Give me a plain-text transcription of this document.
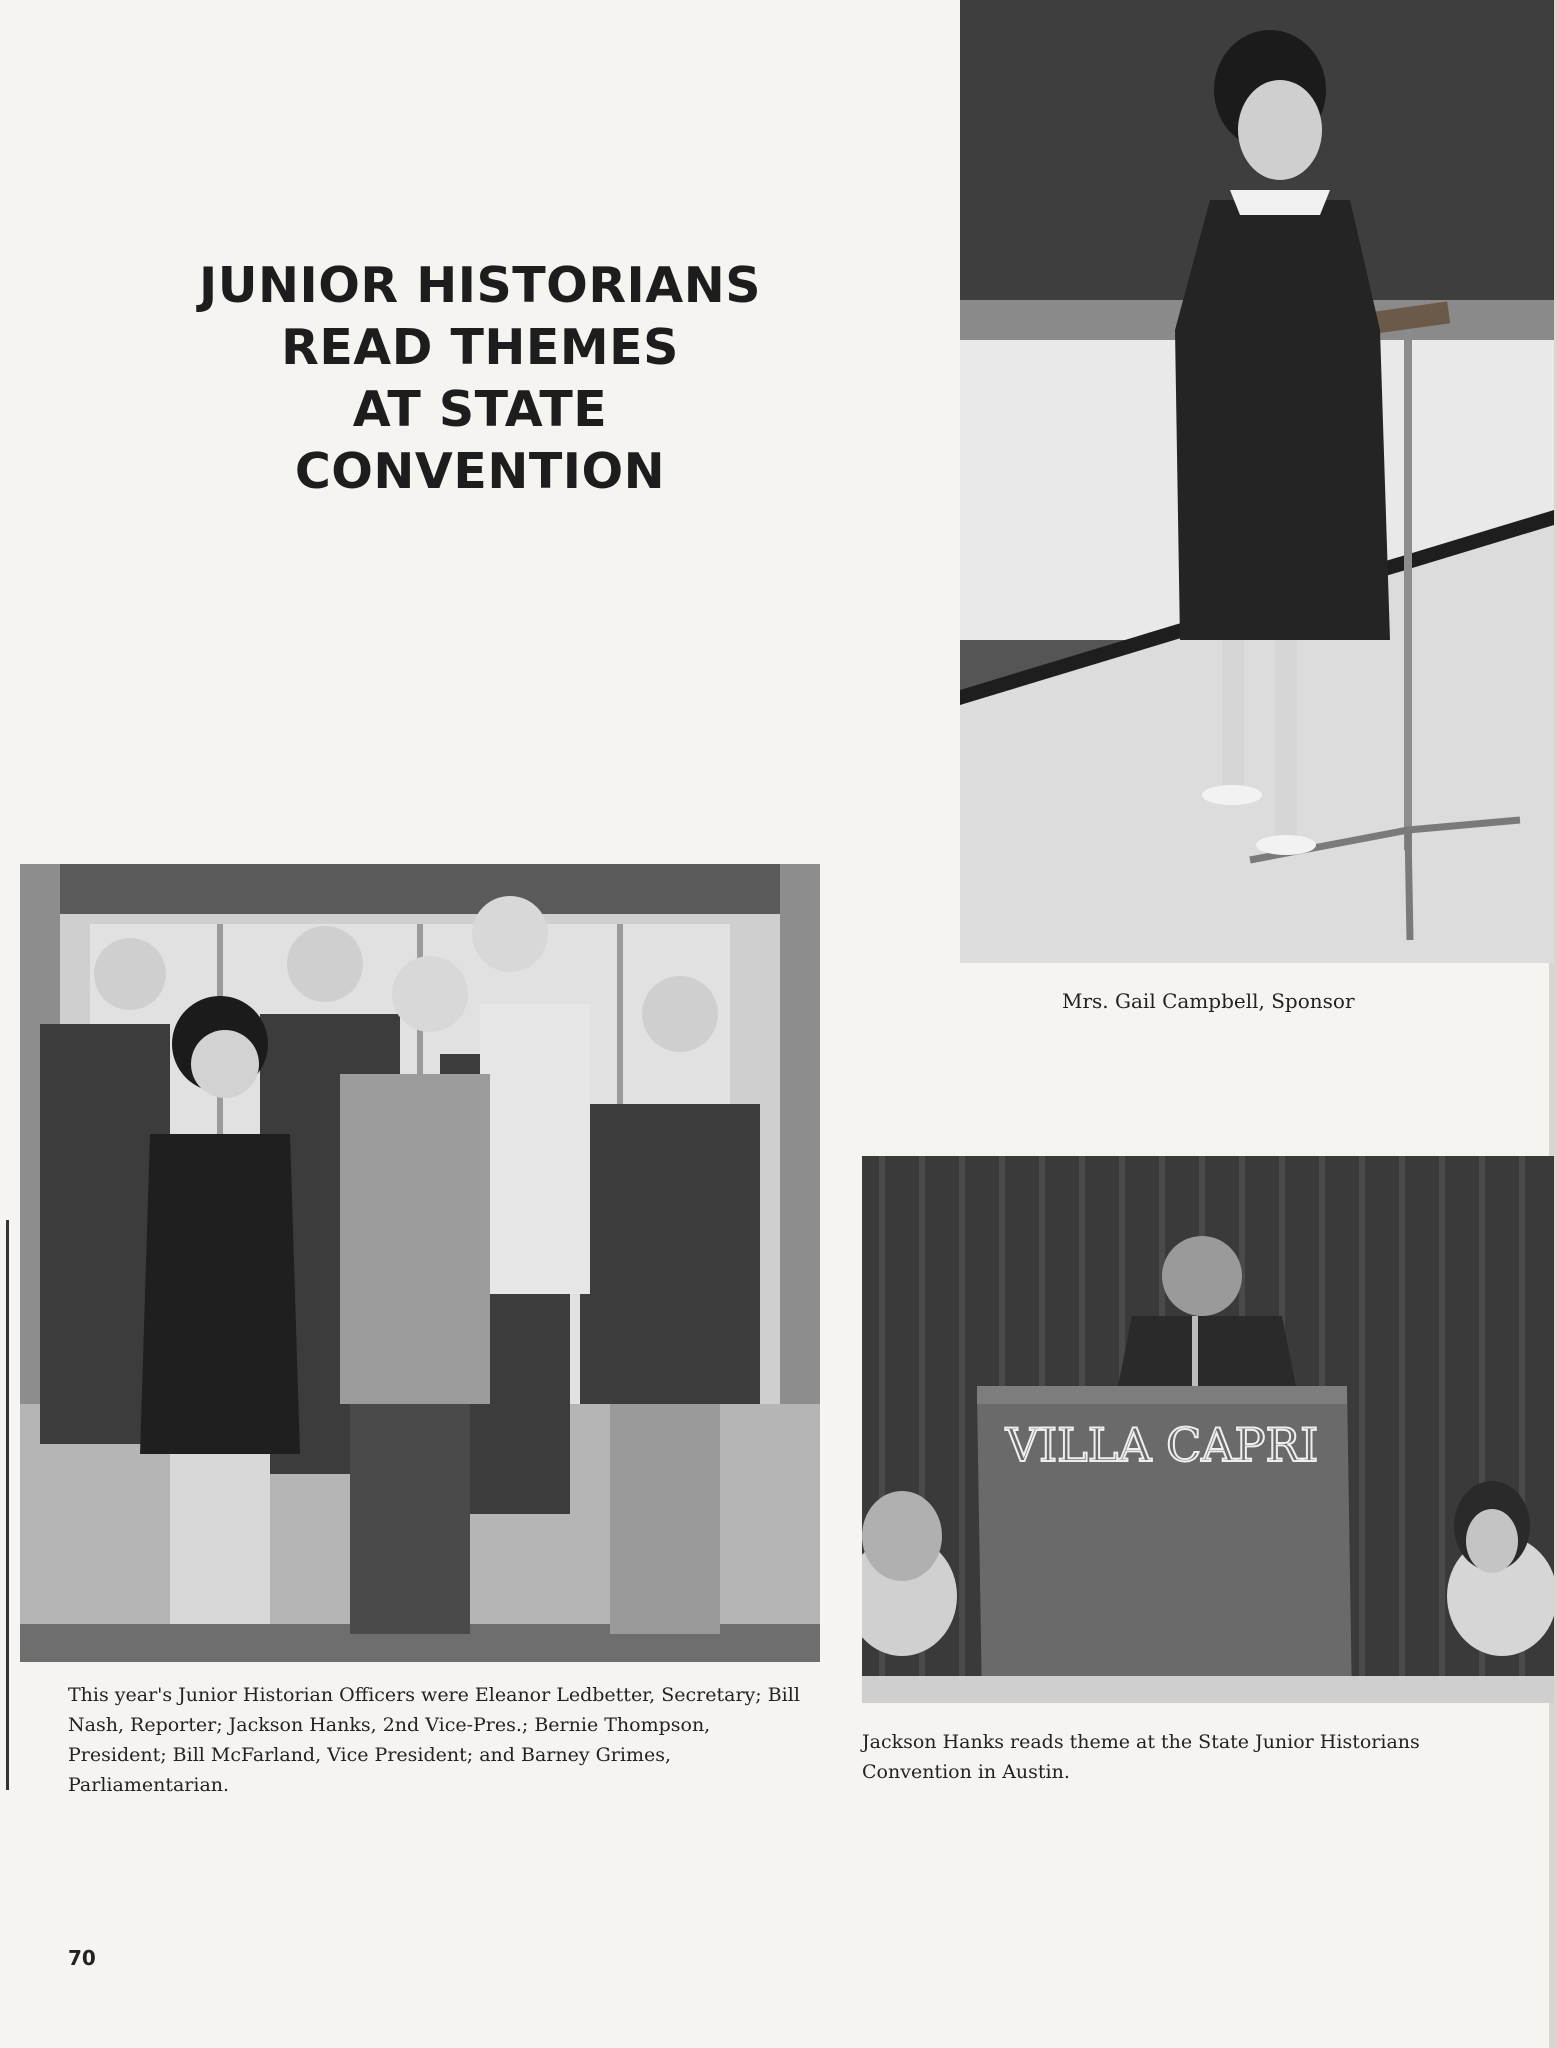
JUNIOR HISTORIANS
READ THEMES
AT STATE
CONVENTION
Mrs. Gail Campbell, Sponsor
This year's Junior Historian Officers were Eleanor Ledbetter, Secretary; Bill Nash, Reporter; Jackson Hanks, 2nd Vice-Pres.; Bernie Thompson, President; Bill McFarland, Vice President; and Barney Grimes, Parliamentarian.
VILLA CAPRI
Jackson Hanks reads theme at the State Junior Historians Convention in Austin.
70
